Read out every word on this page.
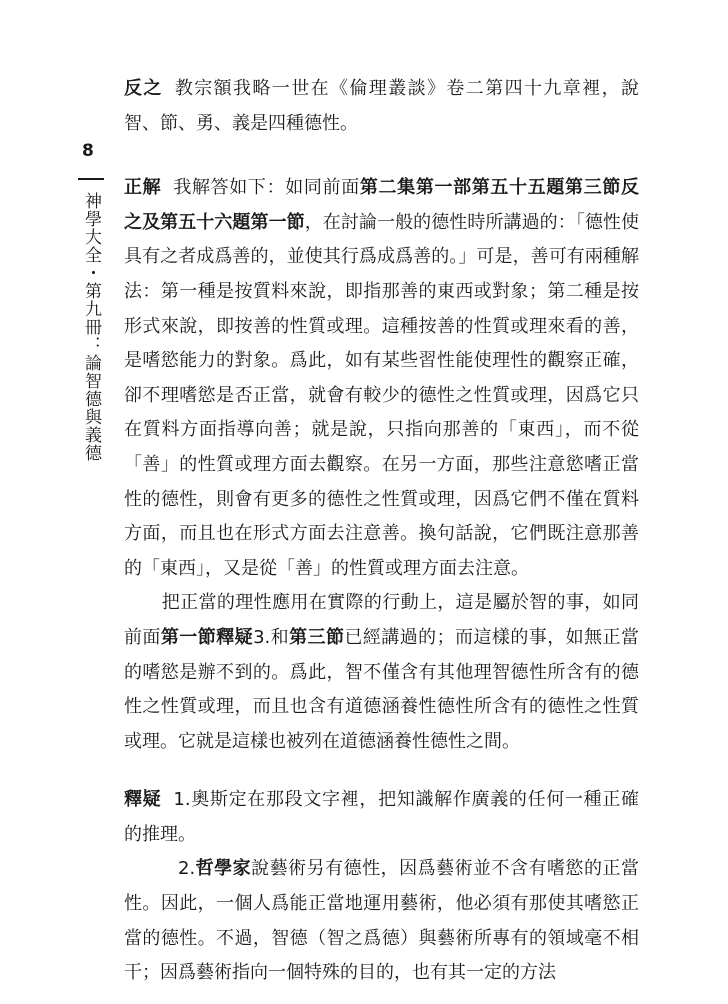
8
神學大全・第九冊：論智德與義德

反之 教宗額我略一世在《倫理叢談》卷二第四十九章裡，說智、節、勇、義是四種德性。

正解 我解答如下：如同前面第二集第一部第五十五題第三節反之及第五十六題第一節，在討論一般的德性時所講過的：「德性使具有之者成爲善的，並使其行爲成爲善的。」可是，善可有兩種解法：第一種是按質料來說，即指那善的東西或對象；第二種是按形式來說，即按善的性質或理。這種按善的性質或理來看的善，是嗜慾能力的對象。爲此，如有某些習性能使理性的觀察正確，卻不理嗜慾是否正當，就會有較少的德性之性質或理，因爲它只在質料方面指導向善；就是說，只指向那善的「東西」，而不從「善」的性質或理方面去觀察。在另一方面，那些注意慾嗜正當性的德性，則會有更多的德性之性質或理，因爲它們不僅在質料方面，而且也在形式方面去注意善。換句話說，它們既注意那善的「東西」，又是從「善」的性質或理方面去注意。

把正當的理性應用在實際的行動上，這是屬於智的事，如同前面第一節釋疑3.和第三節已經講過的；而這樣的事，如無正當的嗜慾是辦不到的。爲此，智不僅含有其他理智德性所含有的德性之性質或理，而且也含有道德涵養性德性所含有的德性之性質或理。它就是這樣也被列在道德涵養性德性之間。

釋疑 1.奧斯定在那段文字裡，把知識解作廣義的任何一種正確的推理。

2.哲學家說藝術另有德性，因爲藝術並不含有嗜慾的正當性。因此，一個人爲能正當地運用藝術，他必須有那使其嗜慾正當的德性。不過，智德（智之爲德）與藝術所專有的領域毫不相干；因爲藝術指向一個特殊的目的，也有其一定的方法
